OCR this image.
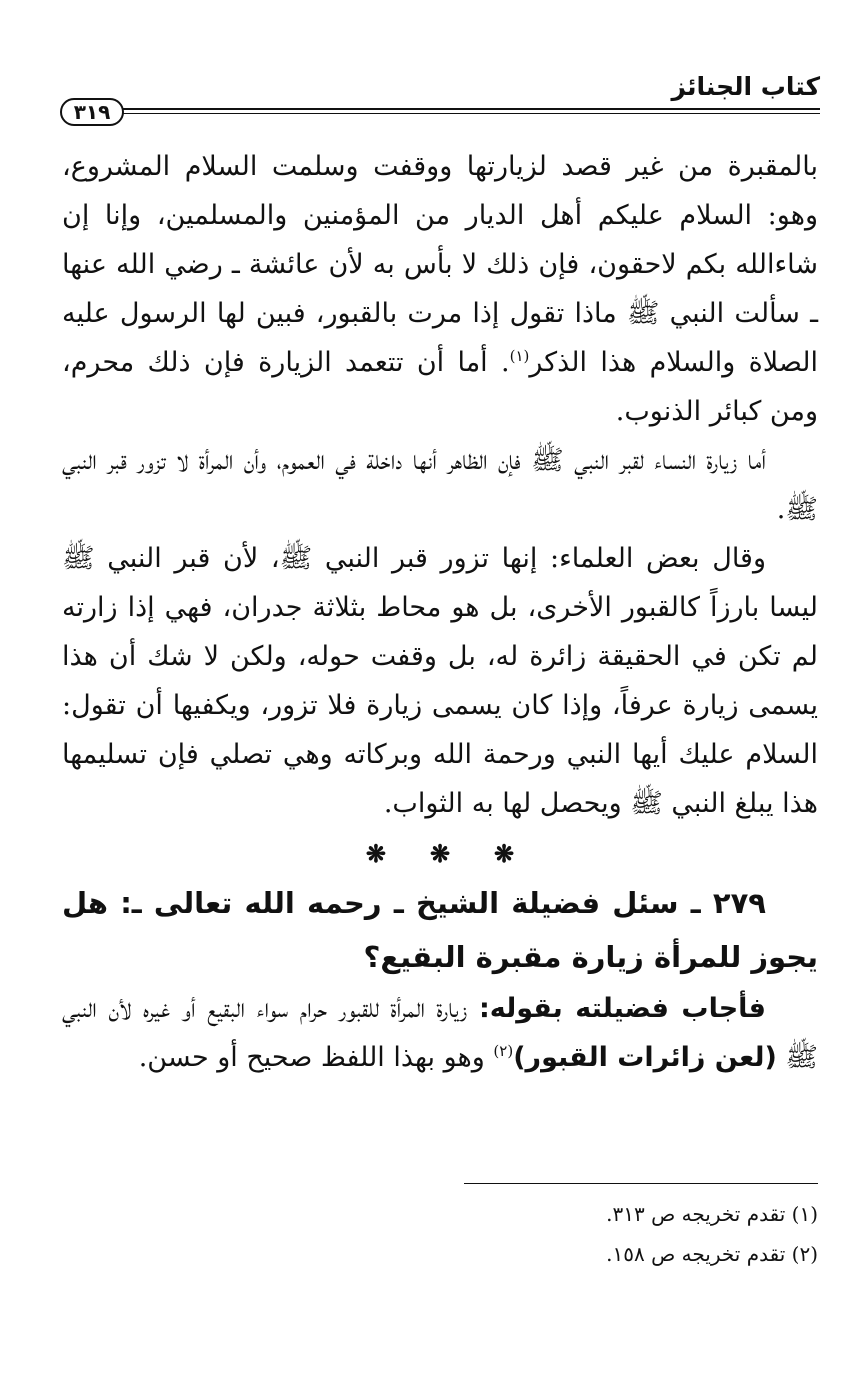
كتاب الجنائز
٣١٩

بالمقبرة من غير قصد لزيارتها ووقفت وسلمت السلام المشروع، وهو: السلام عليكم أهل الديار من المؤمنين والمسلمين، وإنا إن شاءالله بكم لاحقون، فإن ذلك لا بأس به لأن عائشة ـ رضي الله عنها ـ سألت النبي ﷺ ماذا تقول إذا مرت بالقبور، فبين لها الرسول عليه الصلاة والسلام هذا الذكر$^{(١)}$. أما أن تتعمد الزيارة فإن ذلك محرم، ومن كبائر الذنوب.

أما زيارة النساء لقبر النبي ﷺ فإن الظاهر أنها داخلة في العموم، وأن المرأة لا تزور قبر النبي ﷺ.

وقال بعض العلماء: إنها تزور قبر النبي ﷺ، لأن قبر النبي ﷺ ليسا بارزاً كالقبور الأخرى، بل هو محاط بثلاثة جدران، فهي إذا زارته لم تكن في الحقيقة زائرة له، بل وقفت حوله، ولكن لا شك أن هذا يسمى زيارة عرفاً، وإذا كان يسمى زيارة فلا تزور، ويكفيها أن تقول: السلام عليك أيها النبي ورحمة الله وبركاته وهي تصلي فإن تسليمها هذا يبلغ النبي ﷺ ويحصل لها به الثواب.

❋ ❋ ❋

٢٧٩ ـ سئل فضيلة الشيخ ـ رحمه الله تعالى ـ: هل يجوز للمرأة زيارة مقبرة البقيع؟

فأجاب فضيلته بقوله: زيارة المرأة للقبور حرام سواء البقيع أو غيره لأن النبي ﷺ (لعن زائرات القبور)$^{(٢)}$ وهو بهذا اللفظ صحيح أو حسن.

(١) تقدم تخريجه ص ٣١٣.

(٢) تقدم تخريجه ص ١٥٨.
